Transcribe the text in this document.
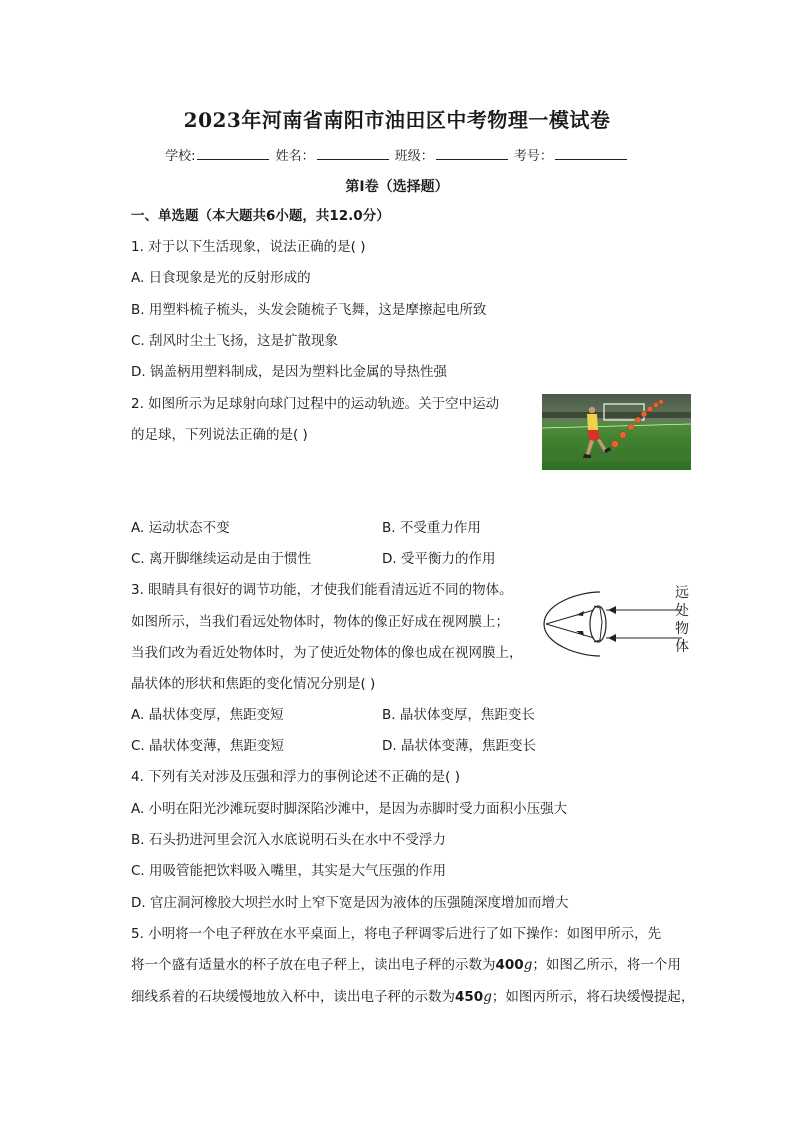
2023年河南省南阳市油田区中考物理一模试卷
学校:	姓名：	班级：	考号：
第I卷（选择题）
一、单选题（本大题共6小题，共12.0分）
1. 对于以下生活现象，说法正确的是( )
A. 日食现象是光的反射形成的
B. 用塑料梳子梳头，头发会随梳子飞舞，这是摩擦起电所致
C. 刮风时尘土飞扬，这是扩散现象
D. 锅盖柄用塑料制成，是因为塑料比金属的导热性强
2. 如图所示为足球射向球门过程中的运动轨迹。关于空中运动
的足球，下列说法正确的是( )
A. 运动状态不变	B. 不受重力作用
C. 离开脚继续运动是由于惯性	D. 受平衡力的作用
3. 眼睛具有很好的调节功能，才使我们能看清远近不同的物体。
如图所示，当我们看远处物体时，物体的像正好成在视网膜上；
当我们改为看近处物体时，为了使近处物体的像也成在视网膜上，
晶状体的形状和焦距的变化情况分别是( )
远
处
物
体
A. 晶状体变厚，焦距变短	B. 晶状体变厚，焦距变长
C. 晶状体变薄，焦距变短	D. 晶状体变薄，焦距变长
4. 下列有关对涉及压强和浮力的事例论述不正确的是( )
A. 小明在阳光沙滩玩耍时脚深陷沙滩中，是因为赤脚时受力面积小压强大
B. 石头扔进河里会沉入水底说明石头在水中不受浮力
C. 用吸管能把饮料吸入嘴里，其实是大气压强的作用
D. 官庄洞河橡胶大坝拦水时上窄下宽是因为液体的压强随深度增加而增大
5. 小明将一个电子秤放在水平桌面上，将电子秤调零后进行了如下操作：如图甲所示，先
将一个盛有适量水的杯子放在电子秤上，读出电子秤的示数为400g；如图乙所示，将一个用
细线系着的石块缓慢地放入杯中，读出电子秤的示数为450g；如图丙所示，将石块缓慢提起，
